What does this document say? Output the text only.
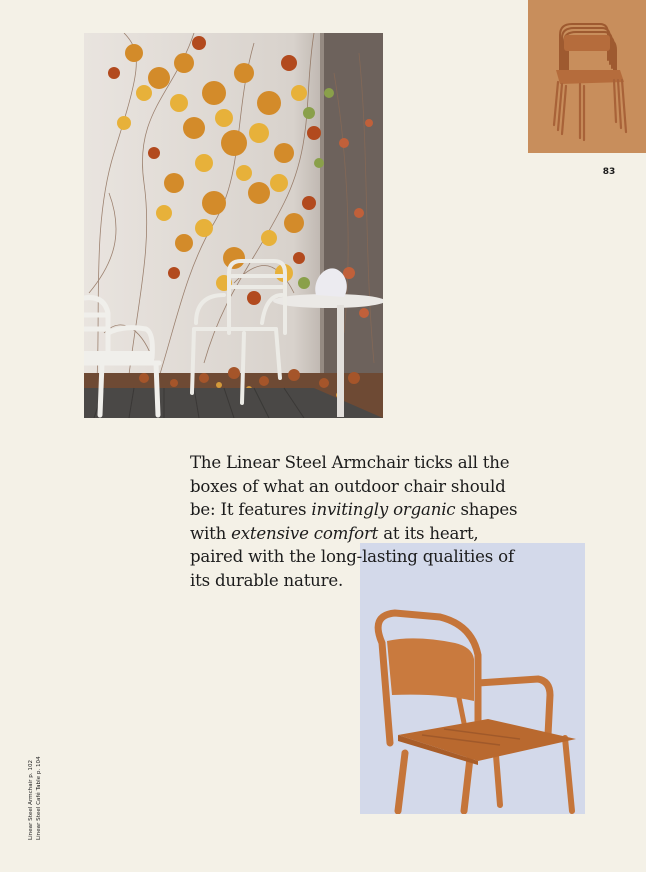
83

The Linear Steel Armchair ticks all the boxes of what an outdoor chair should be: It features invitingly organic shapes with extensive comfort at its heart, paired with the long-lasting qualities of its durable nature.

Linear Steel Armchair p. 102 Linear Steel Café Table p. 104
